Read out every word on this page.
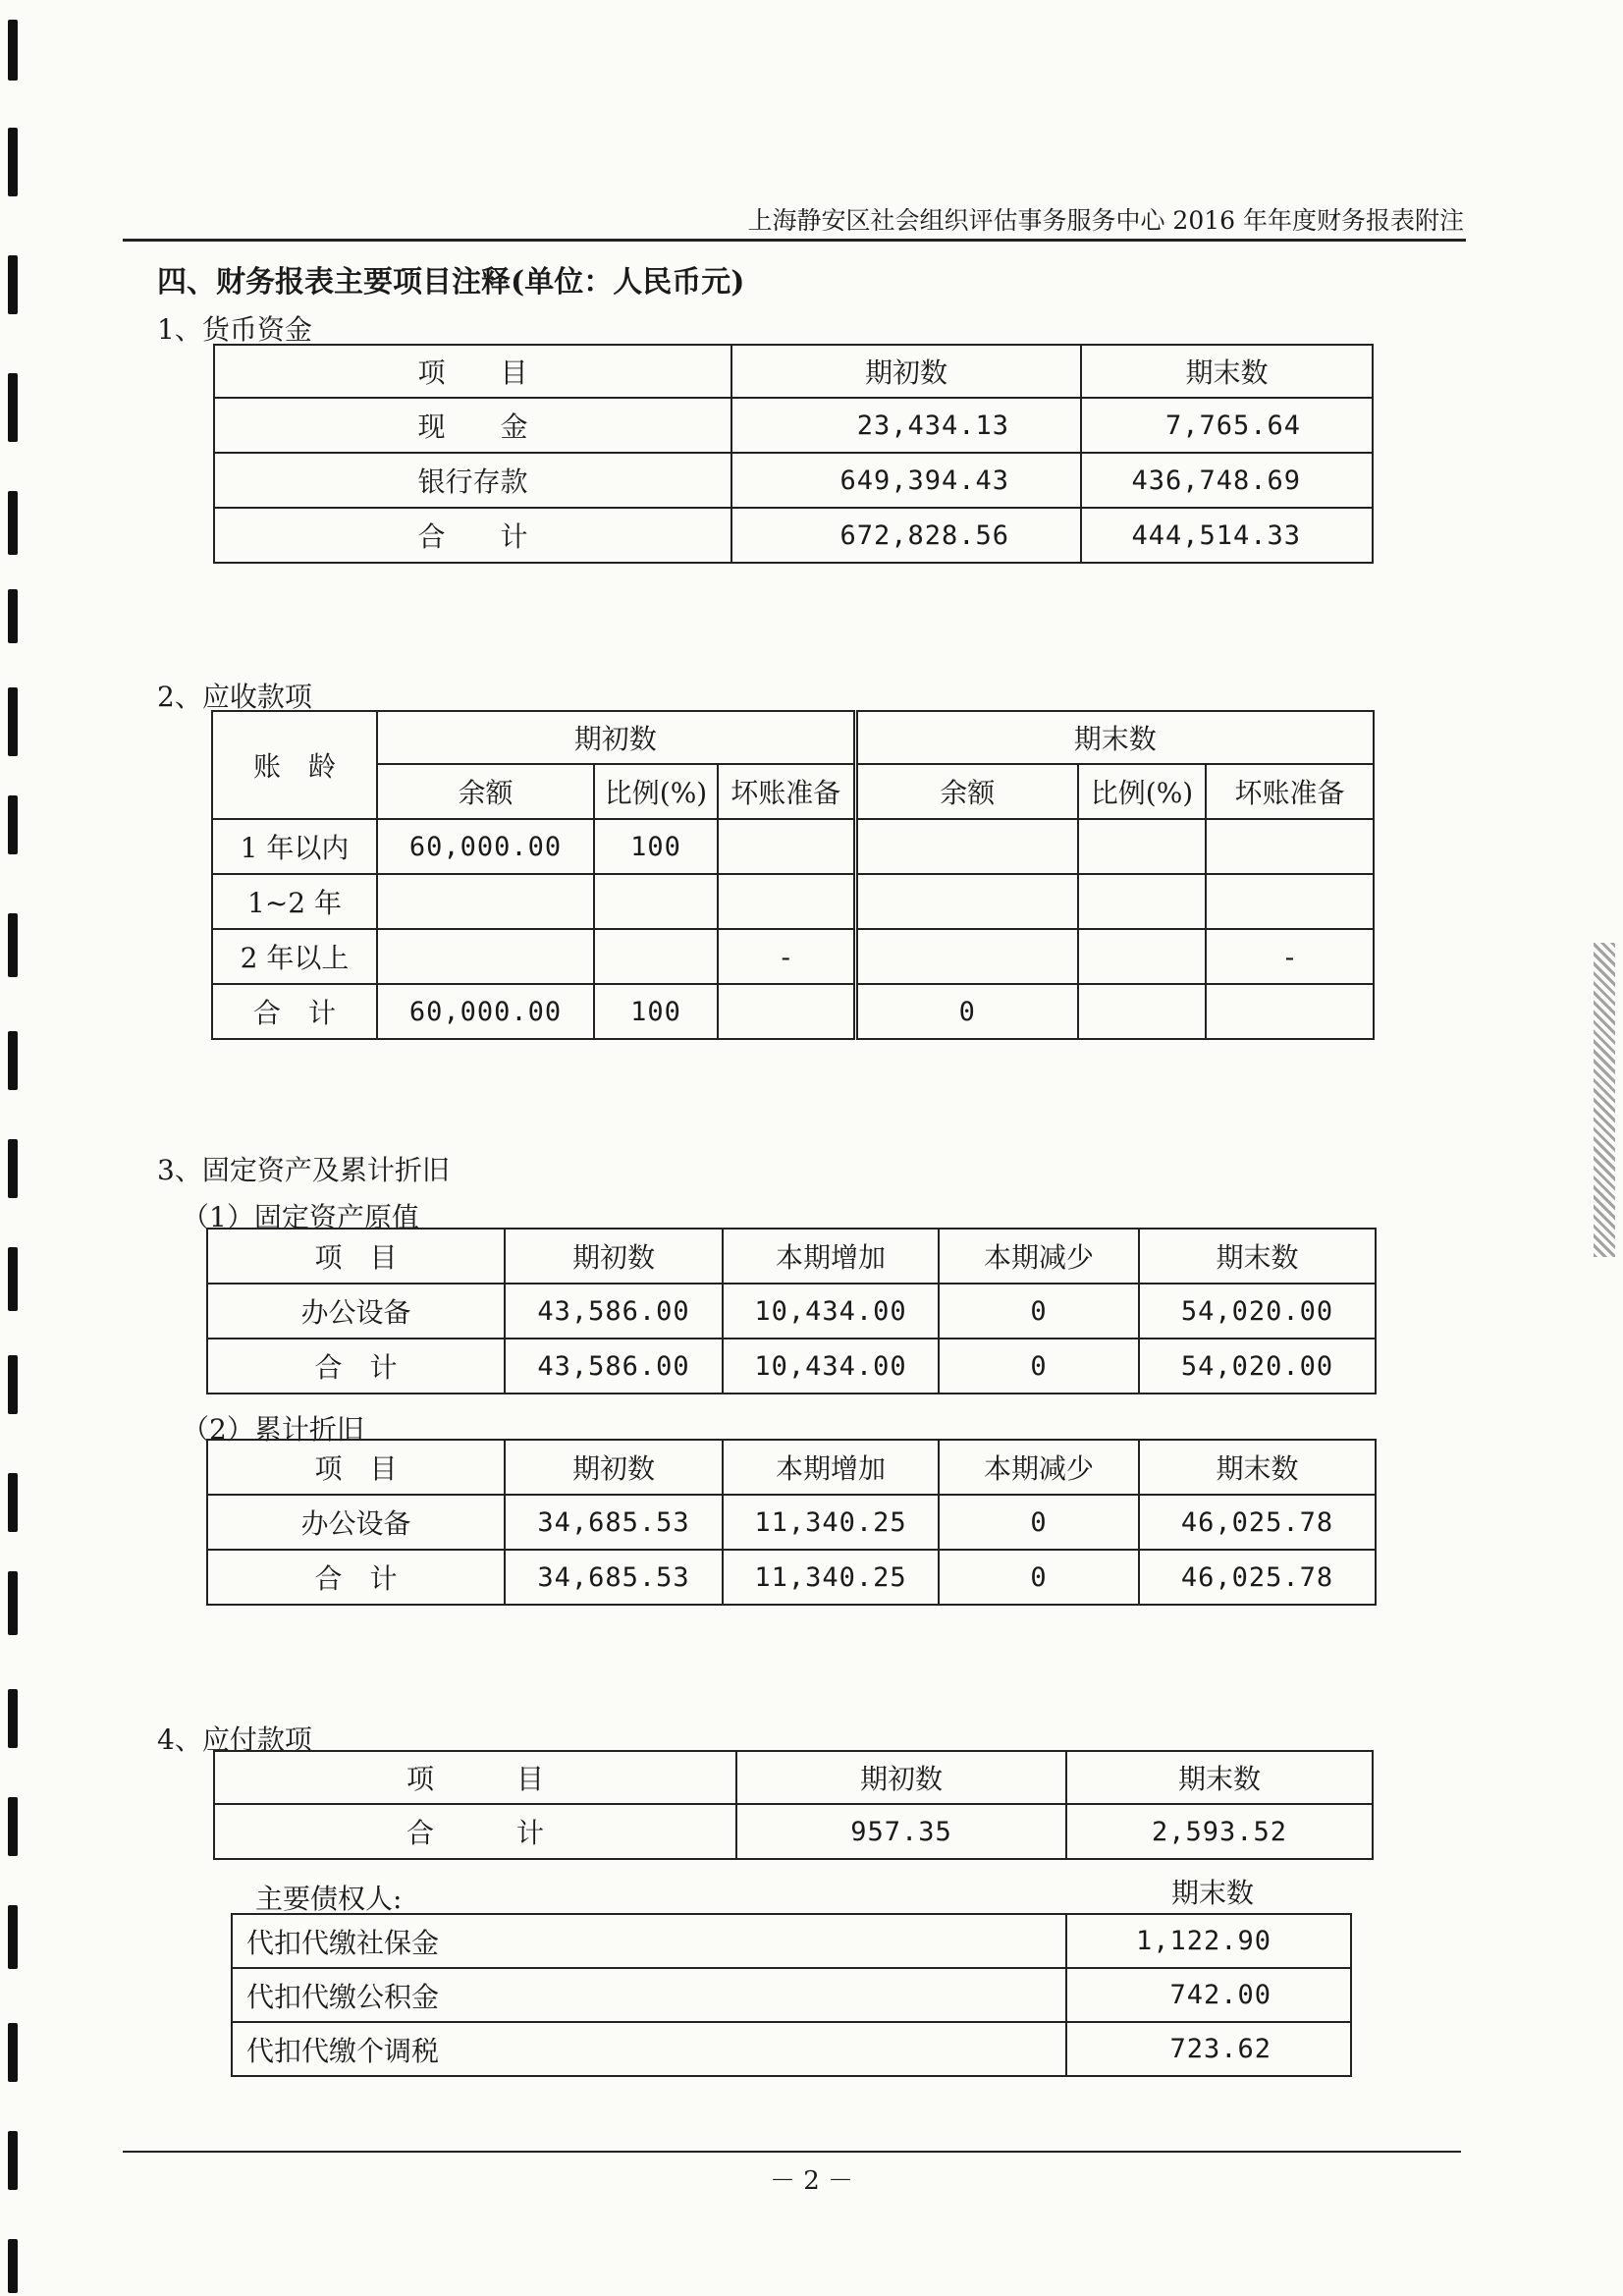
上海静安区社会组织评估事务服务中心 2016 年年度财务报表附注
四、财务报表主要项目注释(单位：人民币元)
1、货币资金
项　　目	期初数	期末数
现　　金	23,434.13	7,765.64
银行存款	649,394.43	436,748.69
合　　计	672,828.56	444,514.33
2、应收款项
账　龄	期初数			期末数		
	余额	比例(%)	坏账准备	余额	比例(%)	坏账准备
1 年以内	60,000.00	100				
1~2 年						
2 年以上			-			-
合　计	60,000.00	100		0		
3、固定资产及累计折旧
（1）固定资产原值
项　目	期初数	本期增加	本期减少	期末数
办公设备	43,586.00	10,434.00	0	54,020.00
合　计	43,586.00	10,434.00	0	54,020.00
（2）累计折旧
项　目	期初数	本期增加	本期减少	期末数
办公设备	34,685.53	11,340.25	0	46,025.78
合　计	34,685.53	11,340.25	0	46,025.78
4、应付款项
项　　　目	期初数	期末数
合　　　计	957.35	2,593.52
主要债权人:	期末数
代扣代缴社保金	1,122.90
代扣代缴公积金	742.00
代扣代缴个调税	723.62
－ 2 －
